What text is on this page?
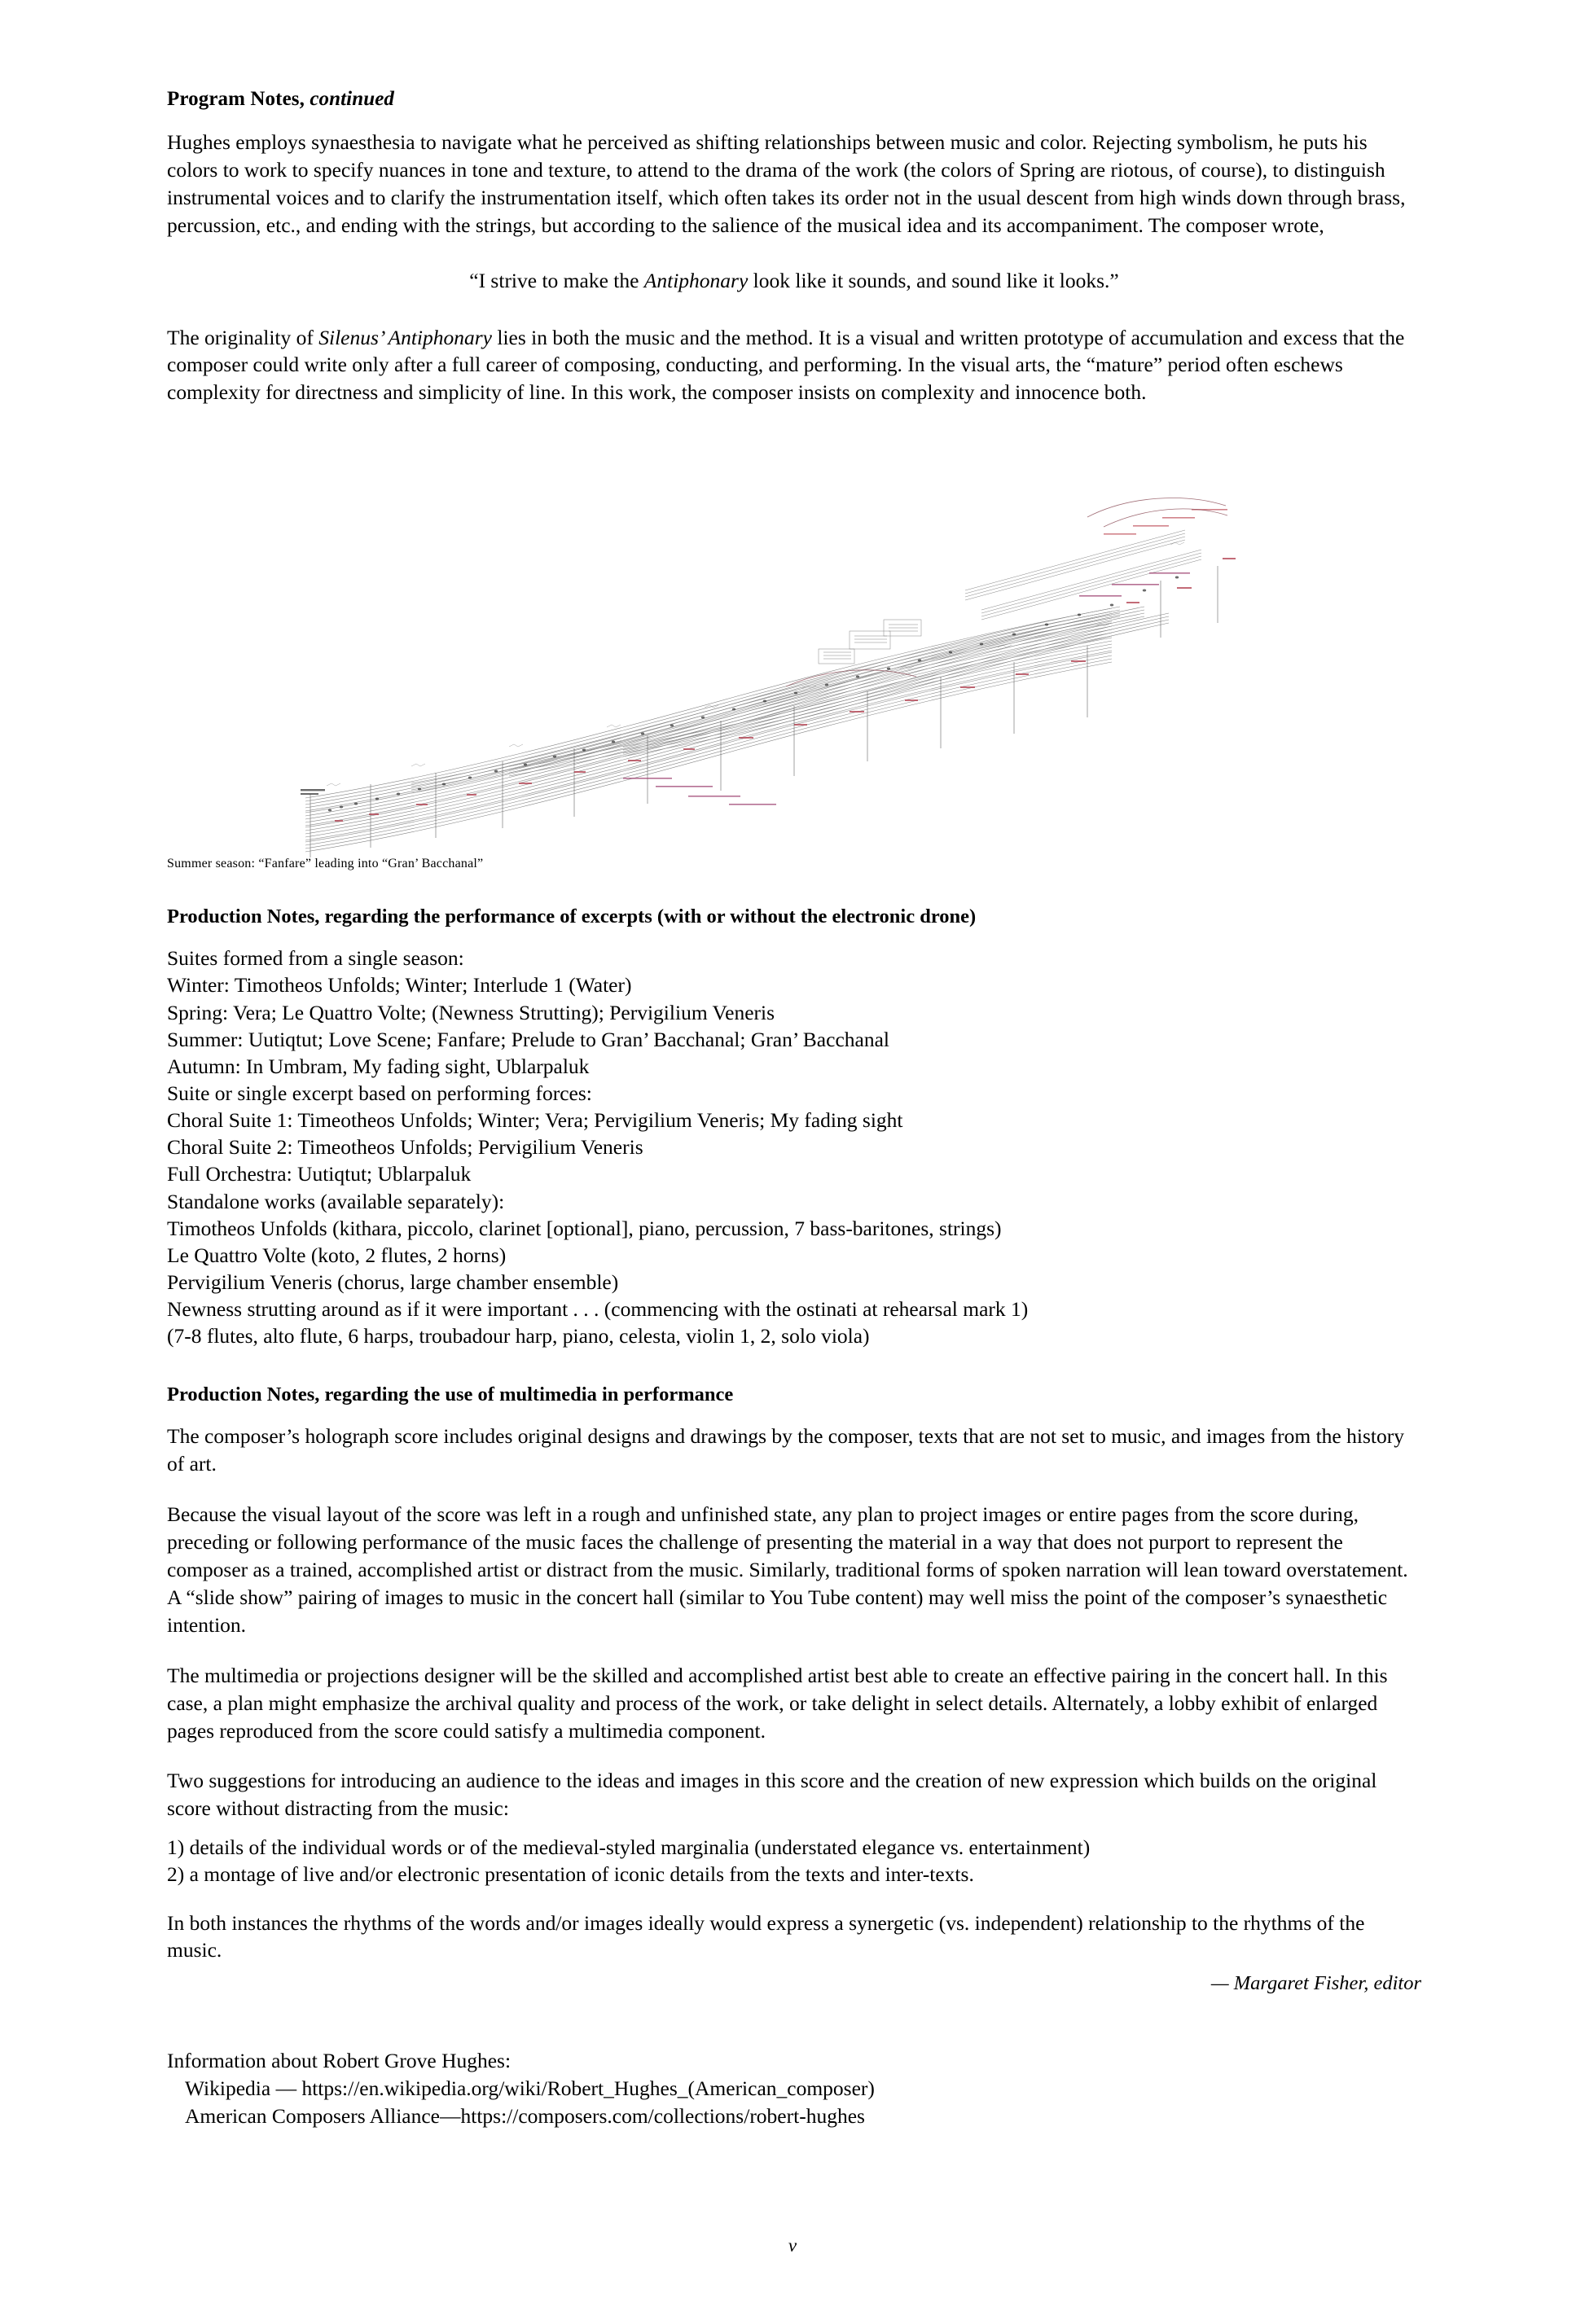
Program Notes, continued

Hughes employs synaesthesia to navigate what he perceived as shifting relationships between music and color. Rejecting symbolism, he puts his colors to work to specify nuances in tone and texture, to attend to the drama of the work (the colors of Spring are riotous, of course), to distinguish instrumental voices and to clarify the instrumentation itself, which often takes its order not in the usual descent from high winds down through brass, percussion, etc., and ending with the strings, but according to the salience of the musical idea and its accompaniment. The composer wrote,

“I strive to make the Antiphonary look like it sounds, and sound like it looks.”

The originality of Silenus’ Antiphonary lies in both the music and the method. It is a visual and written prototype of accumulation and excess that the composer could write only after a full career of composing, conducting, and performing. In the visual arts, the “mature” period often eschews complexity for directness and simplicity of line. In this work, the composer insists on complexity and innocence both.

Summer season: “Fanfare” leading into “Gran’ Bacchanal”
Production Notes, regarding the performance of excerpts (with or without the electronic drone)
Suites formed from a single season:
Winter: Timotheos Unfolds; Winter; Interlude 1 (Water)
Spring: Vera; Le Quattro Volte; (Newness Strutting); Pervigilium Veneris
Summer: Uutiqtut; Love Scene; Fanfare; Prelude to Gran’ Bacchanal; Gran’ Bacchanal
Autumn: In Umbram, My fading sight, Ublarpaluk
Suite or single excerpt based on performing forces:
Choral Suite 1: Timeotheos Unfolds; Winter; Vera; Pervigilium Veneris; My fading sight
Choral Suite 2: Timeotheos Unfolds; Pervigilium Veneris
Full Orchestra: Uutiqtut; Ublarpaluk
Standalone works (available separately):
Timotheos Unfolds (kithara, piccolo, clarinet [optional], piano, percussion, 7 bass-baritones, strings)
Le Quattro Volte (koto, 2 flutes, 2 horns)
Pervigilium Veneris (chorus, large chamber ensemble)
Newness strutting around as if it were important . . . (commencing with the ostinati at rehearsal mark 1)
(7-8 flutes, alto flute, 6 harps, troubadour harp, piano, celesta, violin 1, 2, solo viola)
Production Notes, regarding the use of multimedia in performance

The composer’s holograph score includes original designs and drawings by the composer, texts that are not set to music, and images from the history of art.

Because the visual layout of the score was left in a rough and unfinished state, any plan to project images or entire pages from the score during, preceding or following performance of the music faces the challenge of presenting the material in a way that does not purport to represent the composer as a trained, accomplished artist or distract from the music. Similarly, traditional forms of spoken narration will lean toward overstatement. A “slide show” pairing of images to music in the concert hall (similar to You Tube content) may well miss the point of the composer’s synaesthetic intention.

The multimedia or projections designer will be the skilled and accomplished artist best able to create an effective pairing in the concert hall. In this case, a plan might emphasize the archival quality and process of the work, or take delight in select details. Alternately, a lobby exhibit of enlarged pages reproduced from the score could satisfy a multimedia component.

Two suggestions for introducing an audience to the ideas and images in this score and the creation of new expression which builds on the original score without distracting from the music:

1) details of the individual words or of the medieval-styled marginalia (understated elegance vs. entertainment)
2) a montage of live and/or electronic presentation of iconic details from the texts and inter-texts.

In both instances the rhythms of the words and/or images ideally would express a synergetic (vs. independent) relationship to the rhythms of the music.

— Margaret Fisher, editor
Information about Robert Grove Hughes:
Wikipedia — https://en.wikipedia.org/wiki/Robert_Hughes_(American_composer)
American Composers Alliance—https://composers.com/collections/robert-hughes
v
